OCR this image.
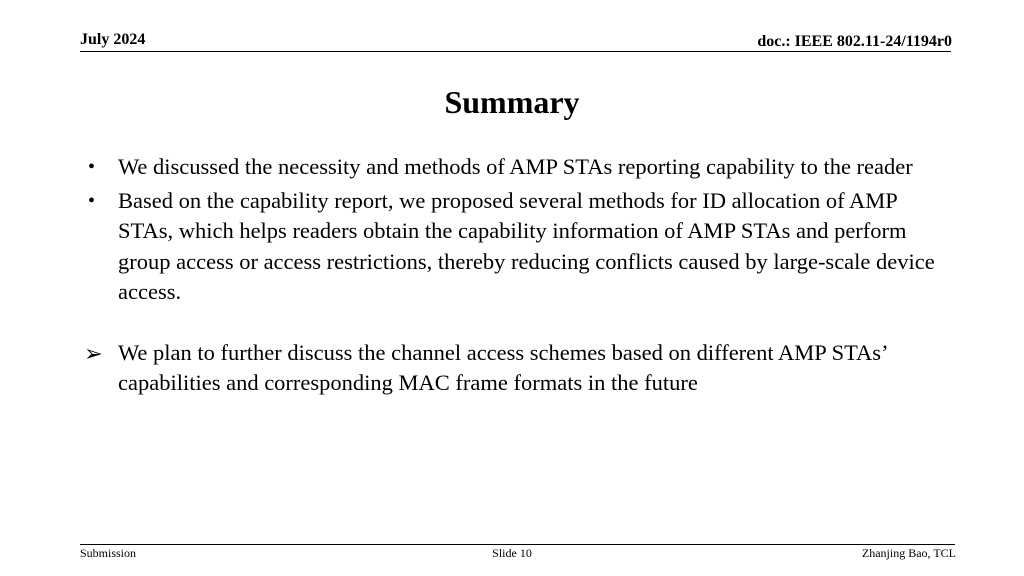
July 2024	doc.: IEEE 802.11-24/1194r0
Summary
•	We discussed the necessity and methods of AMP STAs reporting capability to the reader
•	Based on the capability report, we proposed several methods for ID allocation of AMP STAs, which helps readers obtain the capability information of AMP STAs and perform group access or access restrictions, thereby reducing conflicts caused by large-scale device access.
➢ We plan to further discuss the channel access schemes based on different AMP STAs’ capabilities and corresponding MAC frame formats in the future
Submission	Slide 10	Zhanjing Bao, TCL
